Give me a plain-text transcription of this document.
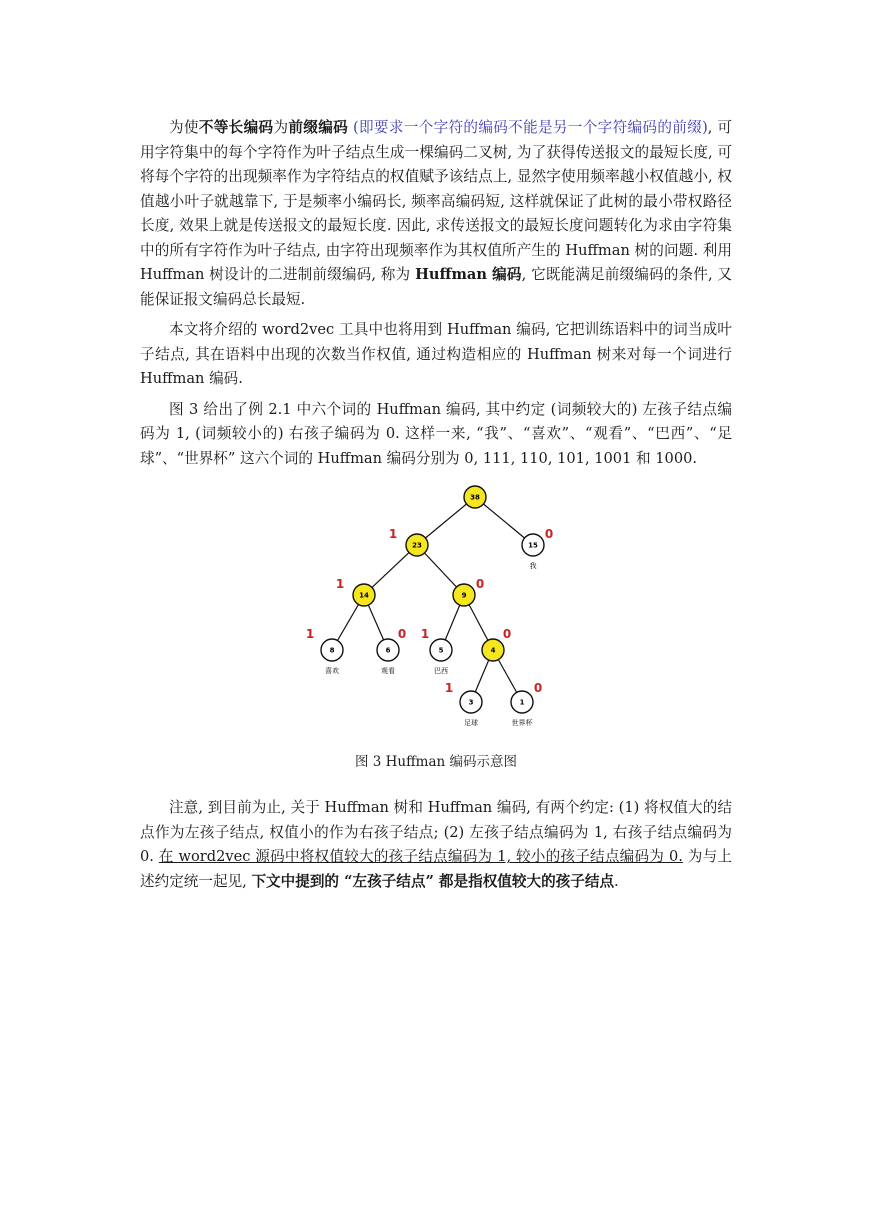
为使不等长编码为前缀编码 (即要求一个字符的编码不能是另一个字符编码的前缀), 可用字符集中的每个字符作为叶子结点生成一棵编码二叉树, 为了获得传送报文的最短长度, 可将每个字符的出现频率作为字符结点的权值赋予该结点上, 显然字使用频率越小权值越小, 权值越小叶子就越靠下, 于是频率小编码长, 频率高编码短, 这样就保证了此树的最小带权路径长度, 效果上就是传送报文的最短长度. 因此, 求传送报文的最短长度问题转化为求由字符集中的所有字符作为叶子结点, 由字符出现频率作为其权值所产生的 Huffman 树的问题. 利用 Huffman 树设计的二进制前缀编码, 称为 Huffman 编码, 它既能满足前缀编码的条件, 又能保证报文编码总长最短.

本文将介绍的 word2vec 工具中也将用到 Huffman 编码, 它把训练语料中的词当成叶子结点, 其在语料中出现的次数当作权值, 通过构造相应的 Huffman 树来对每一个词进行 Huffman 编码.

图 3 给出了例 2.1 中六个词的 Huffman 编码, 其中约定 (词频较大的) 左孩子结点编码为 1, (词频较小的) 右孩子编码为 0. 这样一来, “我”、“喜欢”、“观看”、“巴西”、“足球”、“世界杯” 这六个词的 Huffman 编码分别为 0, 111, 110, 101, 1001 和 1000.

1	0
1	0
1	0 1	0
1	0
38
23	15
我
14	9
8
喜欢
6
观看
5
巴西
4
3
足球
1
世界杯
图 3 Huffman 编码示意图

注意, 到目前为止, 关于 Huffman 树和 Huffman 编码, 有两个约定: (1) 将权值大的结点作为左孩子结点, 权值小的作为右孩子结点; (2) 左孩子结点编码为 1, 右孩子结点编码为 0. 在 word2vec 源码中将权值较大的孩子结点编码为 1, 较小的孩子结点编码为 0. 为与上述约定统一起见, 下文中提到的 “左孩子结点” 都是指权值较大的孩子结点.
